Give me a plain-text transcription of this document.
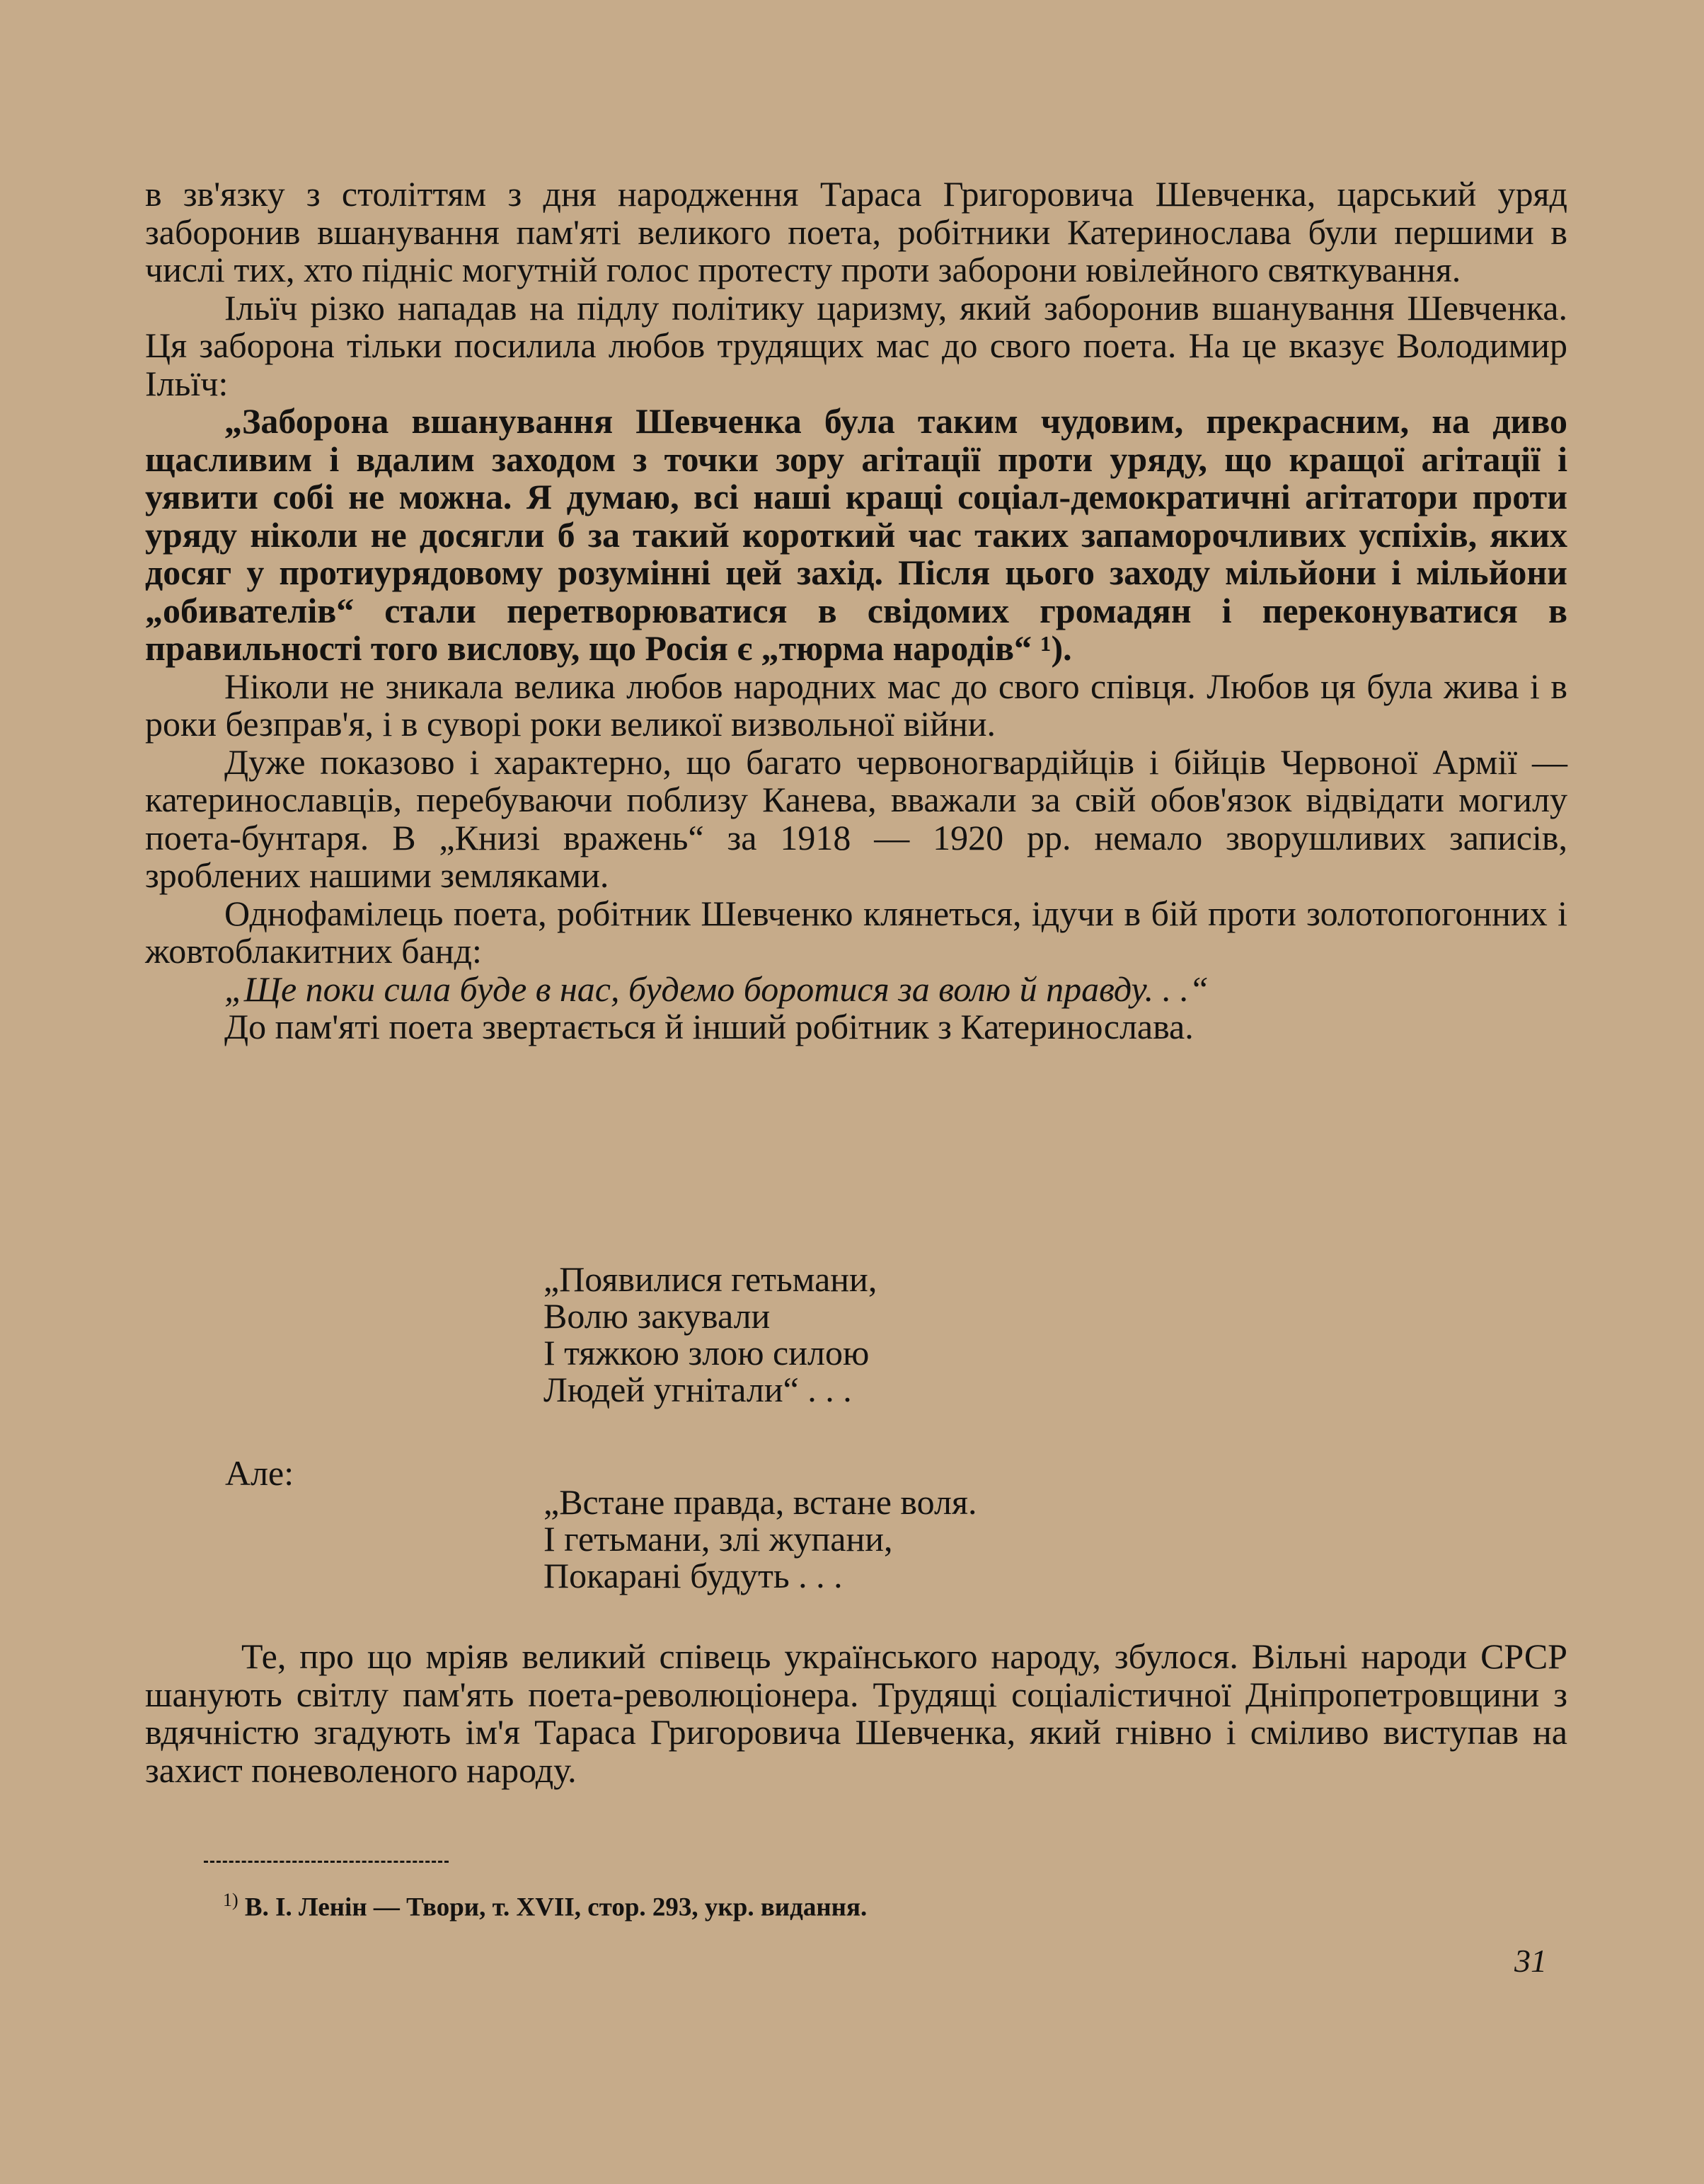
в зв'язку з століттям з дня народження Тараса Григоровича Шевченка, царський уряд заборонив вшанування пам'яті великого поета, робітники Катеринослава були першими в числі тих, хто підніс могутній голос протесту проти заборони ювілейного святкування.

Ільїч різко нападав на підлу політику царизму, який заборонив вшанування Шевченка. Ця заборона тільки посилила любов трудящих мас до свого поета. На це вказує Володимир Ільїч:

„Заборона вшанування Шевченка була таким чудовим, прекрасним, на диво щасливим і вдалим заходом з точки зору агітації проти уряду, що кращої агітації і уявити собі не можна. Я думаю, всі наші кращі соціал-демократичні агітатори проти уряду ніколи не досягли б за такий короткий час таких запаморочливих успіхів, яких досяг у протиурядовому розумінні цей захід. Після цього заходу мільйони і мільйони „обивателів“ стали перетворюватися в свідомих громадян і переконуватися в правильності того вислову, що Росія є „тюрма народів“ ¹).

Ніколи не зникала велика любов народних мас до свого співця. Любов ця була жива і в роки безправ'я, і в суворі роки великої визвольної війни.

Дуже показово і характерно, що багато червоногвардійців і бійців Червоної Армії — катеринославців, перебуваючи поблизу Канева, вважали за свій обов'язок відвідати могилу поета-бунтаря. В „Книзі вражень“ за 1918 — 1920 рр. немало зворушливих записів, зроблених нашими земляками.

Однофамілець поета, робітник Шевченко клянеться, ідучи в бій проти золотопогонних і жовтоблакитних банд:

„Ще поки сила буде в нас, будемо боротися за волю й правду. . .“

До пам'яті поета звертається й інший робітник з Катеринослава.

„Появилися гетьмани,
Волю закували
І тяжкою злою силою
Людей угнітали“ . . .
Але:
„Встане правда, встане воля.
І гетьмани, злі жупани,
Покарані будуть . . .

Те, про що мріяв великий співець українського народу, збулося. Вільні народи СРСР шанують світлу пам'ять поета-революціонера. Трудящі соціалістичної Дніпропетровщини з вдячністю згадують ім'я Тараса Григоровича Шевченка, який гнівно і сміливо виступав на захист поневоленого народу.

$^{1)}$ В. І. Ленін — Твори, т. XVII, стор. 293, укр. видання.
31
